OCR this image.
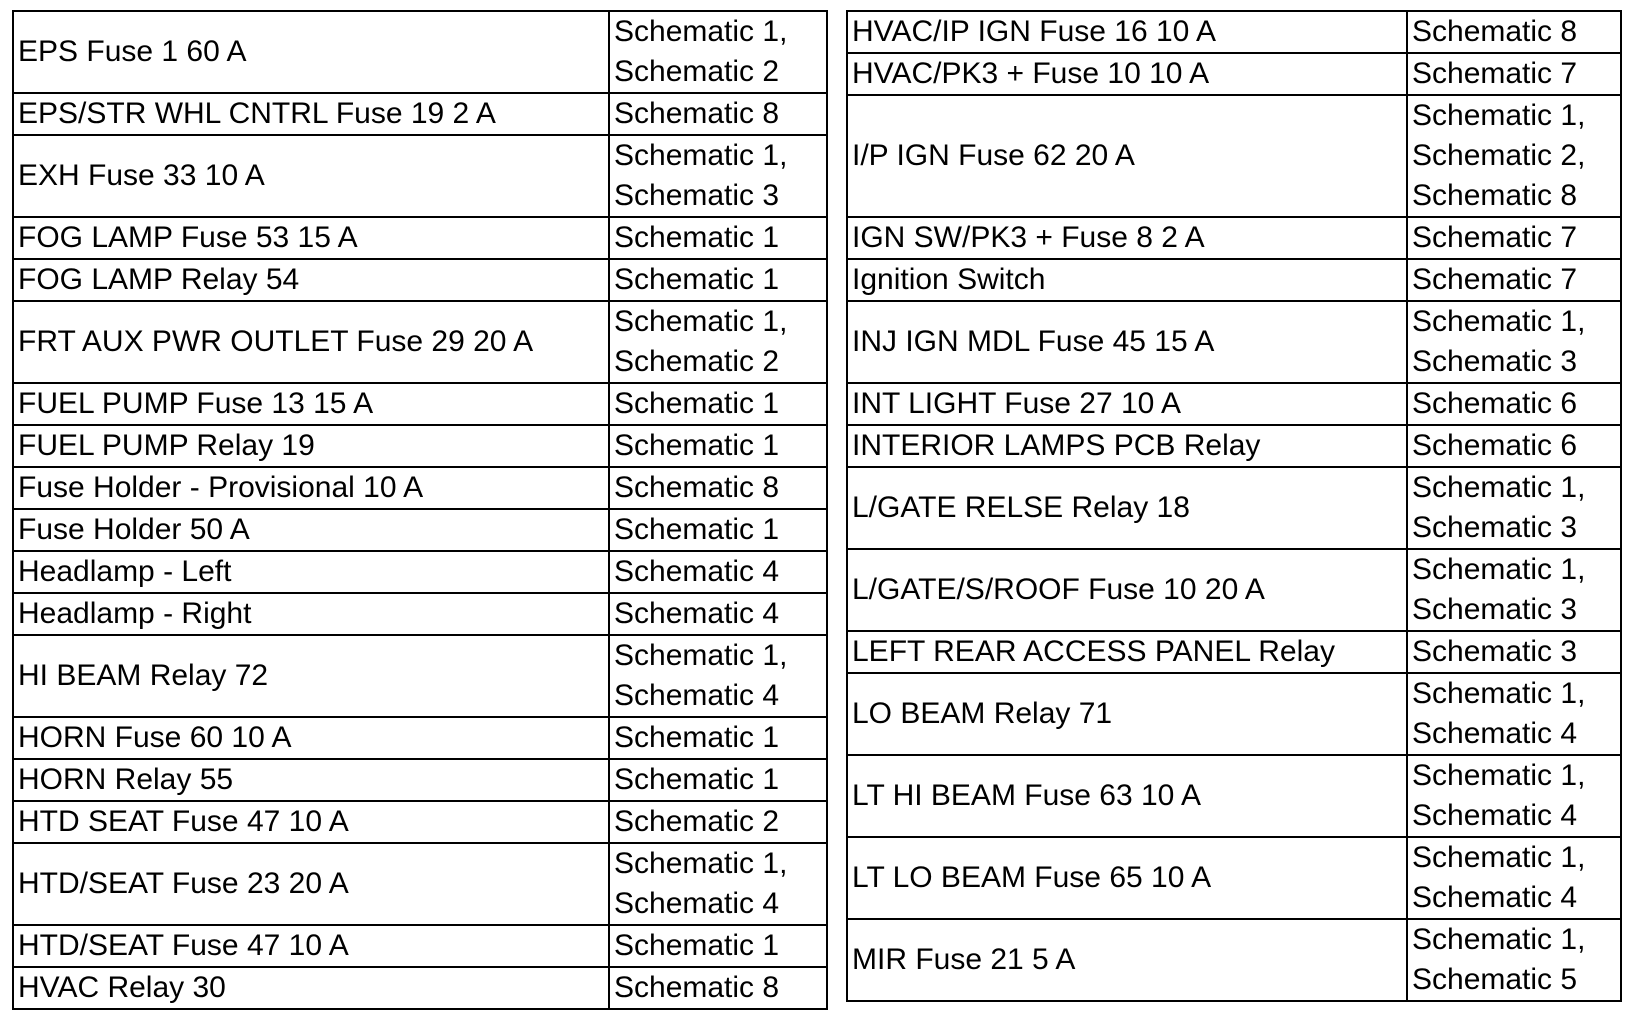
EPS Fuse 1 60 A	Schematic 1,
Schematic 2

EPS/STR WHL CNTRL Fuse 19 2 A	Schematic 8

EXH Fuse 33 10 A	Schematic 1,
Schematic 3

FOG LAMP Fuse 53 15 A	Schematic 1

FOG LAMP Relay 54	Schematic 1

FRT AUX PWR OUTLET Fuse 29 20 A	Schematic 1,
Schematic 2

FUEL PUMP Fuse 13 15 A	Schematic 1

FUEL PUMP Relay 19	Schematic 1

Fuse Holder - Provisional 10 A	Schematic 8

Fuse Holder 50 A	Schematic 1

Headlamp - Left	Schematic 4

Headlamp - Right	Schematic 4

HI BEAM Relay 72	Schematic 1,
Schematic 4

HORN Fuse 60 10 A	Schematic 1

HORN Relay 55	Schematic 1

HTD SEAT Fuse 47 10 A	Schematic 2

HTD/SEAT Fuse 23 20 A	Schematic 1,
Schematic 4

HTD/SEAT Fuse 47 10 A	Schematic 1

HVAC Relay 30	Schematic 8
HVAC/IP IGN Fuse 16 10 A	Schematic 8

HVAC/PK3 + Fuse 10 10 A	Schematic 7

I/P IGN Fuse 62 20 A	Schematic 1,
Schematic 2,
Schematic 8

IGN SW/PK3 + Fuse 8 2 A	Schematic 7

Ignition Switch	Schematic 7

INJ IGN MDL Fuse 45 15 A	Schematic 1,
Schematic 3

INT LIGHT Fuse 27 10 A	Schematic 6

INTERIOR LAMPS PCB Relay	Schematic 6

L/GATE RELSE Relay 18	Schematic 1,
Schematic 3

L/GATE/S/ROOF Fuse 10 20 A	Schematic 1,
Schematic 3

LEFT REAR ACCESS PANEL Relay	Schematic 3

LO BEAM Relay 71	Schematic 1,
Schematic 4

LT HI BEAM Fuse 63 10 A	Schematic 1,
Schematic 4

LT LO BEAM Fuse 65 10 A	Schematic 1,
Schematic 4

MIR Fuse 21 5 A	Schematic 1,
Schematic 5
